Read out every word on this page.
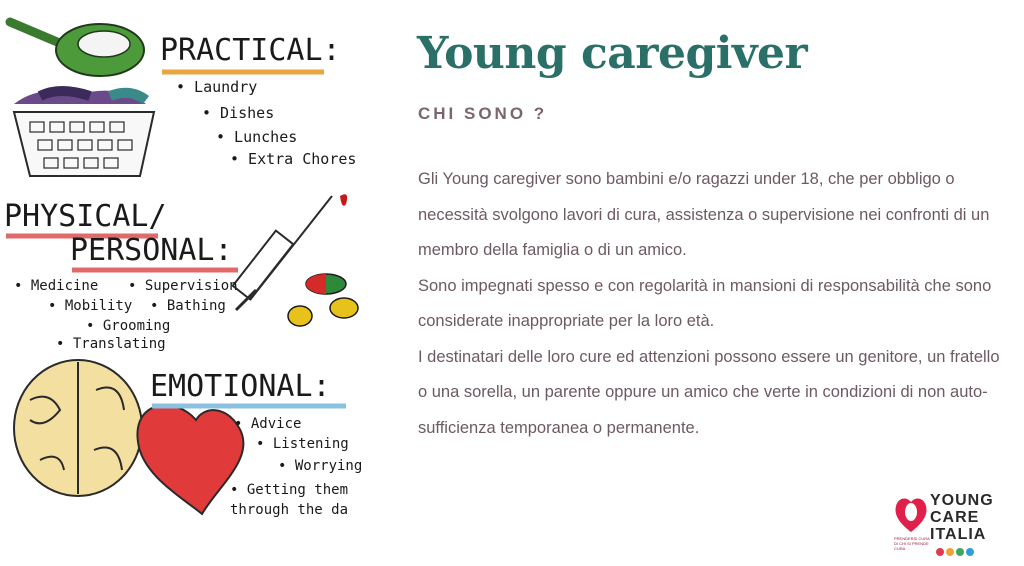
PRACTICAL:
• Laundry
• Dishes
• Lunches
• Extra Chores
PHYSICAL/
PERSONAL:
• Medicine • Supervision
• Mobility • Bathing
• Grooming
• Translating
EMOTIONAL:
• Advice
• Listening
• Worrying
• Getting them
through the da
Young caregiver
CHI SONO ?

Gli Young caregiver sono bambini e/o ragazzi under 18, che per obbligo o necessità svolgono lavori di cura, assistenza o supervisione nei confronti di un membro della famiglia o di un amico.

Sono impegnati spesso e con regolarità in mansioni di responsabilità che sono considerate inappropriate per la loro età.

I destinatari delle loro cure ed attenzioni possono essere un genitore, un fratello o una sorella, un parente oppure un amico che verte in condizioni di non auto-sufficienza temporanea o permanente.

YOUNG
CARE
ITALIA
PRENDERSI CURA DI CHI SI PRENDE CURA
